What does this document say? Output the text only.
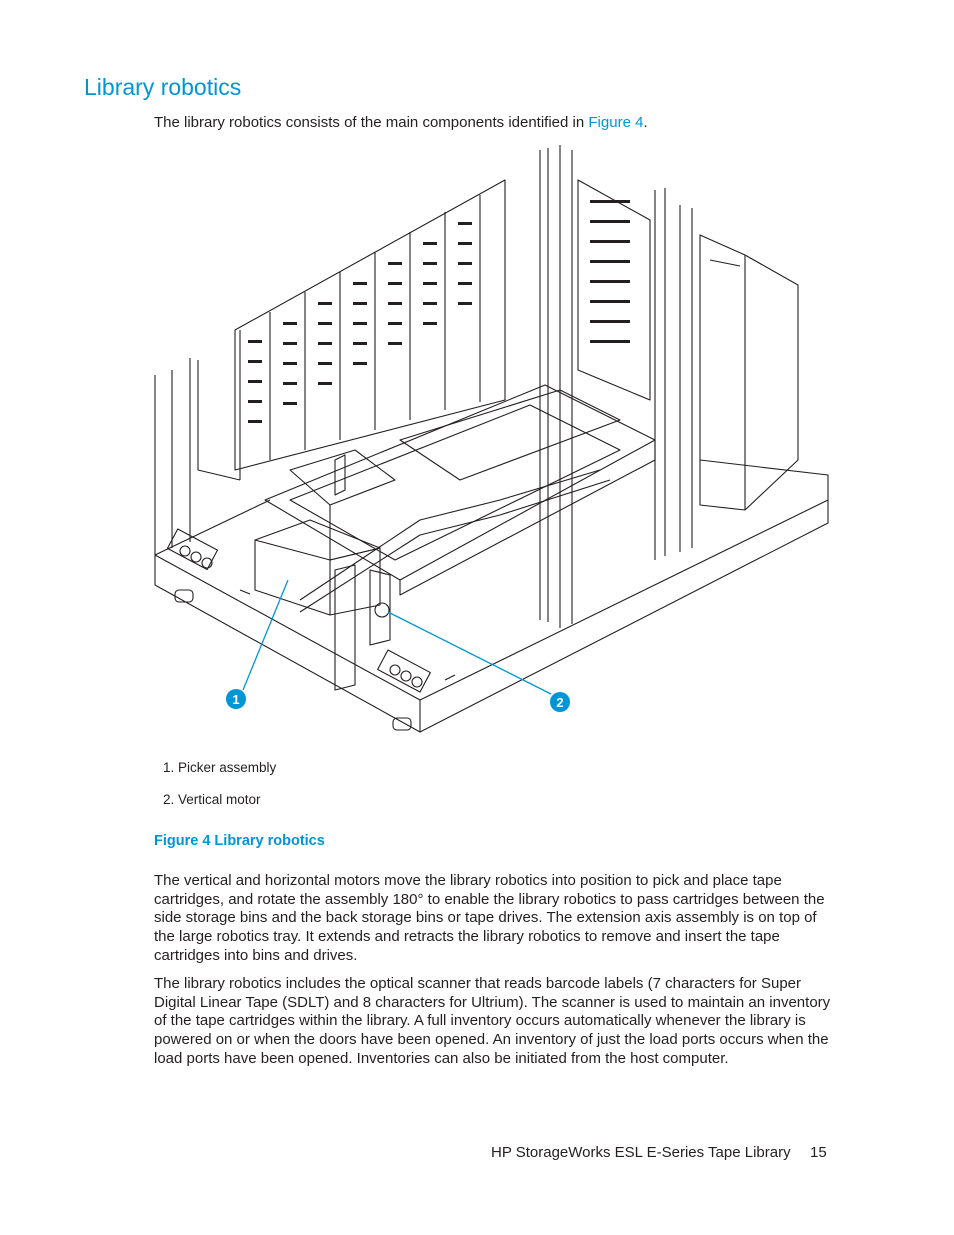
Library robotics

The library robotics consists of the main components identified in Figure 4.

1	2

1. Picker assembly

2. Vertical motor

Figure 4 Library robotics

The vertical and horizontal motors move the library robotics into position to pick and place tape cartridges, and rotate the assembly 180° to enable the library robotics to pass cartridges between the side storage bins and the back storage bins or tape drives. The extension axis assembly is on top of the large robotics tray. It extends and retracts the library robotics to remove and insert the tape cartridges into bins and drives.

The library robotics includes the optical scanner that reads barcode labels (7 characters for Super Digital Linear Tape (SDLT) and 8 characters for Ultrium). The scanner is used to maintain an inventory of the tape cartridges within the library. A full inventory occurs automatically whenever the library is powered on or when the doors have been opened. An inventory of just the load ports occurs when the load ports have been opened. Inventories can also be initiated from the host computer.

HP StorageWorks ESL E-Series Tape Library 15
